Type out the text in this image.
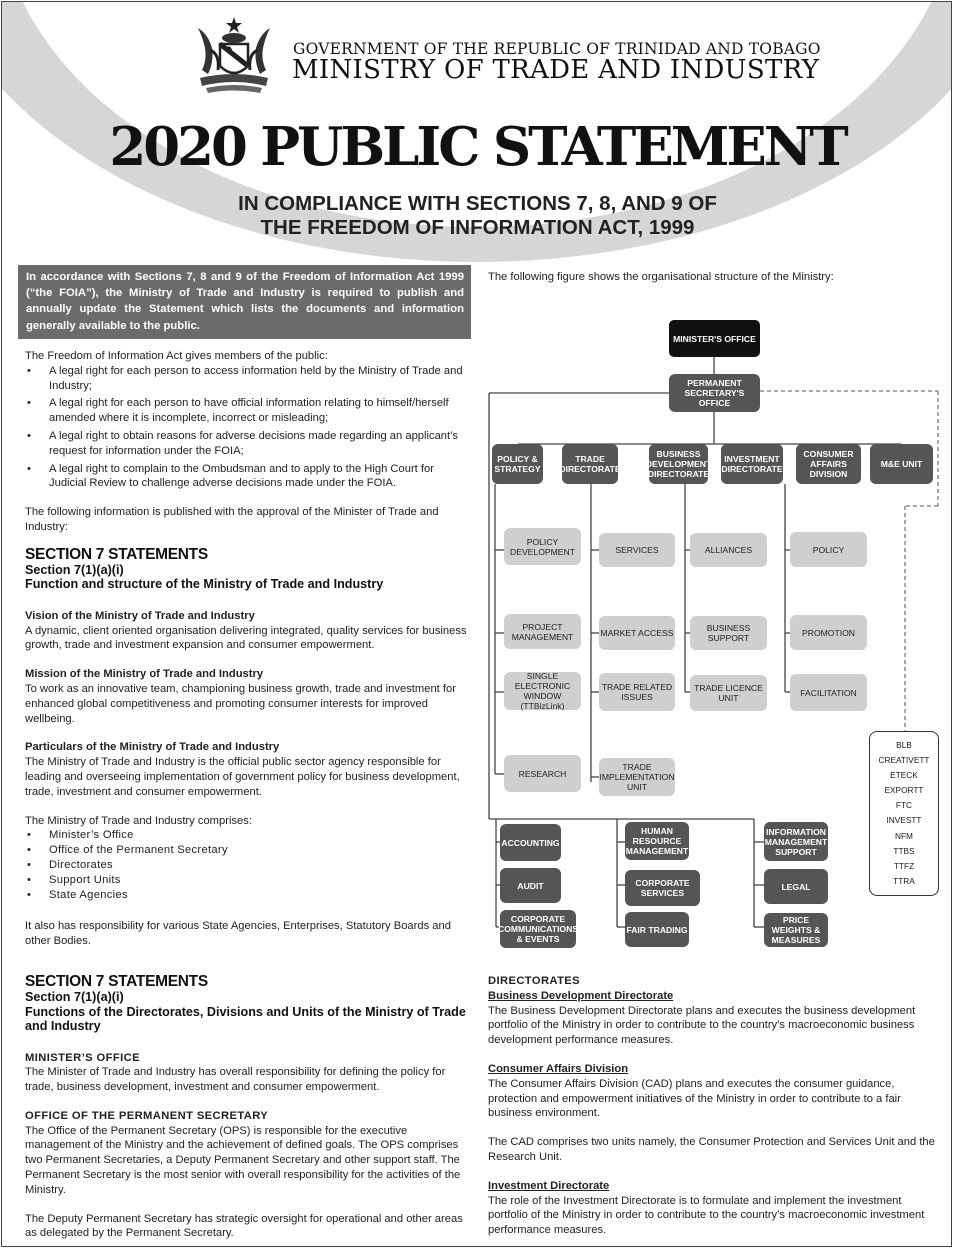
GOVERNMENT OF THE REPUBLIC OF TRINIDAD AND TOBAGO
MINISTRY OF TRADE AND INDUSTRY
2020 PUBLIC STATEMENT
IN COMPLIANCE WITH SECTIONS 7, 8, AND 9 OF
THE FREEDOM OF INFORMATION ACT, 1999
In accordance with Sections 7, 8 and 9 of the Freedom of Information Act 1999 (“the FOIA”), the Ministry of Trade and Industry is required to publish and annually update the Statement which lists the documents and information generally available to the public.
The Freedom of Information Act gives members of the public:
• A legal right for each person to access information held by the Ministry of Trade and Industry;
• A legal right for each person to have official information relating to himself/herself amended where it is incomplete, incorrect or misleading;
• A legal right to obtain reasons for adverse decisions made regarding an applicant’s request for information under the FOIA;
• A legal right to complain to the Ombudsman and to apply to the High Court for Judicial Review to challenge adverse decisions made under the FOIA.
The following information is published with the approval of the Minister of Trade and Industry:
SECTION 7 STATEMENTS
Section 7(1)(a)(i)
Function and structure of the Ministry of Trade and Industry
Vision of the Ministry of Trade and Industry
A dynamic, client oriented organisation delivering integrated, quality services for business growth, trade and investment expansion and consumer empowerment.
Mission of the Ministry of Trade and Industry
To work as an innovative team, championing business growth, trade and investment for enhanced global competitiveness and promoting consumer interests for improved wellbeing.
Particulars of the Ministry of Trade and Industry
The Ministry of Trade and Industry is the official public sector agency responsible for leading and overseeing implementation of government policy for business development, trade, investment and consumer empowerment.
The Ministry of Trade and Industry comprises:
• Minister’s Office
• Office of the Permanent Secretary
• Directorates
• Support Units
• State Agencies
It also has responsibility for various State Agencies, Enterprises, Statutory Boards and other Bodies.
SECTION 7 STATEMENTS
Section 7(1)(a)(i)
Functions of the Directorates, Divisions and Units of the Ministry of Trade and Industry
MINISTER’S OFFICE
The Minister of Trade and Industry has overall responsibility for defining the policy for trade, business development, investment and consumer empowerment.
OFFICE OF THE PERMANENT SECRETARY
The Office of the Permanent Secretary (OPS) is responsible for the executive management of the Ministry and the achievement of defined goals. The OPS comprises two Permanent Secretaries, a Deputy Permanent Secretary and other support staff. The Permanent Secretary is the most senior with overall responsibility for the activities of the Ministry.
The Deputy Permanent Secretary has strategic oversight for operational and other areas as delegated by the Permanent Secretary.
The following figure shows the organisational structure of the Ministry:
DIRECTORATES
Business Development Directorate
The Business Development Directorate plans and executes the business development portfolio of the Ministry in order to contribute to the country’s macroeconomic business development performance measures.
Consumer Affairs Division
The Consumer Affairs Division (CAD) plans and executes the consumer guidance, protection and empowerment initiatives of the Ministry in order to contribute to a fair business environment.
The CAD comprises two units namely, the Consumer Protection and Services Unit and the Research Unit.
Investment Directorate
The role of the Investment Directorate is to formulate and implement the investment portfolio of the Ministry in order to contribute to the country’s macroeconomic investment performance measures.
MINISTER'S OFFICE
PERMANENT SECRETARY'S OFFICE
POLICY & STRATEGY
TRADE DIRECTORATE
BUSINESS DEVELOPMENT DIRECTORATE
INVESTMENT DIRECTORATE
CONSUMER AFFAIRS DIVISION
M&E UNIT
POLICY DEVELOPMENT
PROJECT MANAGEMENT
SINGLE ELECTRONIC WINDOW (TTBizLink)
RESEARCH
SERVICES
MARKET ACCESS
TRADE RELATED ISSUES
TRADE IMPLEMENTATION UNIT
ALLIANCES
BUSINESS SUPPORT
TRADE LICENCE UNIT
POLICY
PROMOTION
FACILITATION
ACCOUNTING
AUDIT
CORPORATE COMMUNICATIONS & EVENTS
HUMAN RESOURCE MANAGEMENT
CORPORATE SERVICES
FAIR TRADING
INFORMATION MANAGEMENT SUPPORT
LEGAL
PRICE WEIGHTS & MEASURES
BLB
CREATIVETT
ETECK
EXPORTT
FTC
INVESTT
NFM
TTBS
TTFZ
TTRA
